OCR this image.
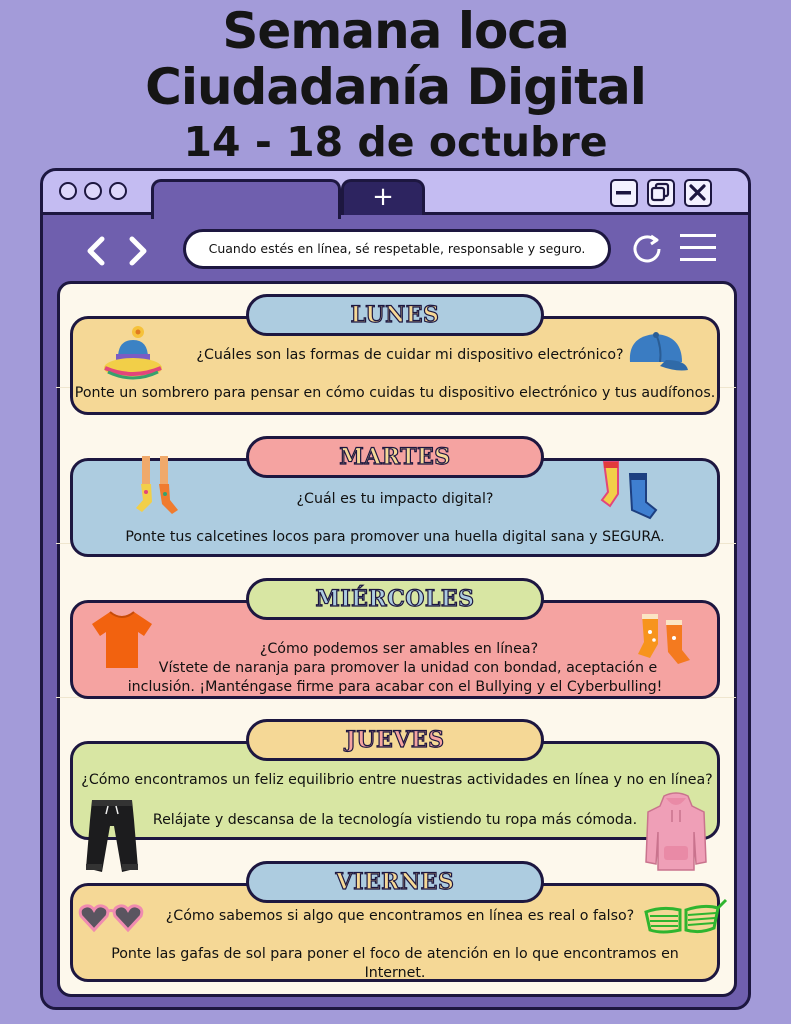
Semana loca
Ciudadanía Digital
14 - 18 de octubre
+
Cuando estés en línea, sé respetable, responsable y seguro.
¿Cuáles son las formas de cuidar mi dispositivo electrónico?
Ponte un sombrero para pensar en cómo cuidas tu dispositivo electrónico y tus audífonos.
LUNES
¿Cuál es tu impacto digital?
Ponte tus calcetines locos para promover una huella digital sana y SEGURA.
MARTES
¿Cómo podemos ser amables en línea?
Vístete de naranja para promover la unidad con bondad, aceptación e
inclusión. ¡Manténgase firme para acabar con el Bullying y el Cyberbulling!
MIÉRCOLES
¿Cómo encontramos un feliz equilibrio entre nuestras actividades en línea y no en línea?
Relájate y descansa de la tecnología vistiendo tu ropa más cómoda.
JUEVES
¿Cómo sabemos si algo que encontramos en línea es real o falso?
Ponte las gafas de sol para poner el foco de atención en lo que encontramos en
Internet.
VIERNES
